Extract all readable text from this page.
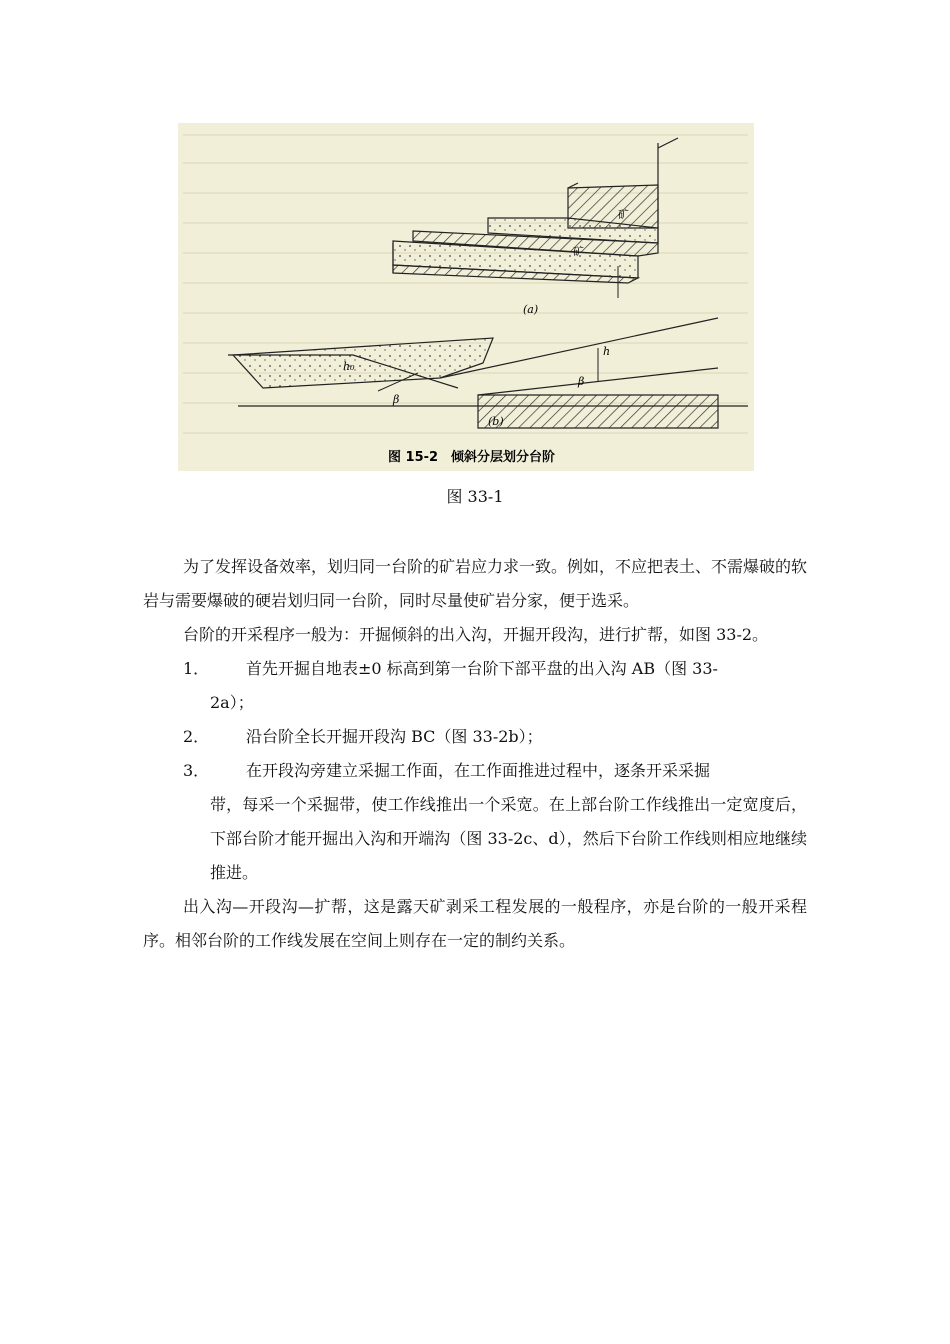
矿
矿
(a)
h₀
h
β
β
(b)
图 15-2　倾斜分层划分台阶
图 33-1

为了发挥设备效率，划归同一台阶的矿岩应力求一致。例如，不应把表土、不需爆破的软岩与需要爆破的硬岩划归同一台阶，同时尽量使矿岩分家，便于选采。

台阶的开采程序一般为：开掘倾斜的出入沟，开掘开段沟，进行扩帮，如图 33-2。

1．	首先开掘自地表±0 标高到第一台阶下部平盘的出入沟 AB（图 33-
2a）；

2．	沿台阶全长开掘开段沟 BC（图 33-2b）；

3．	在开段沟旁建立采掘工作面，在工作面推进过程中，逐条开采采掘
带，每采一个采掘带，使工作线推出一个采宽。在上部台阶工作线推出一定宽度后，下部台阶才能开掘出入沟和开端沟（图 33-2c、d），然后下台阶工作线则相应地继续推进。

出入沟—开段沟—扩帮，这是露天矿剥采工程发展的一般程序，亦是台阶的一般开采程序。相邻台阶的工作线发展在空间上则存在一定的制约关系。
